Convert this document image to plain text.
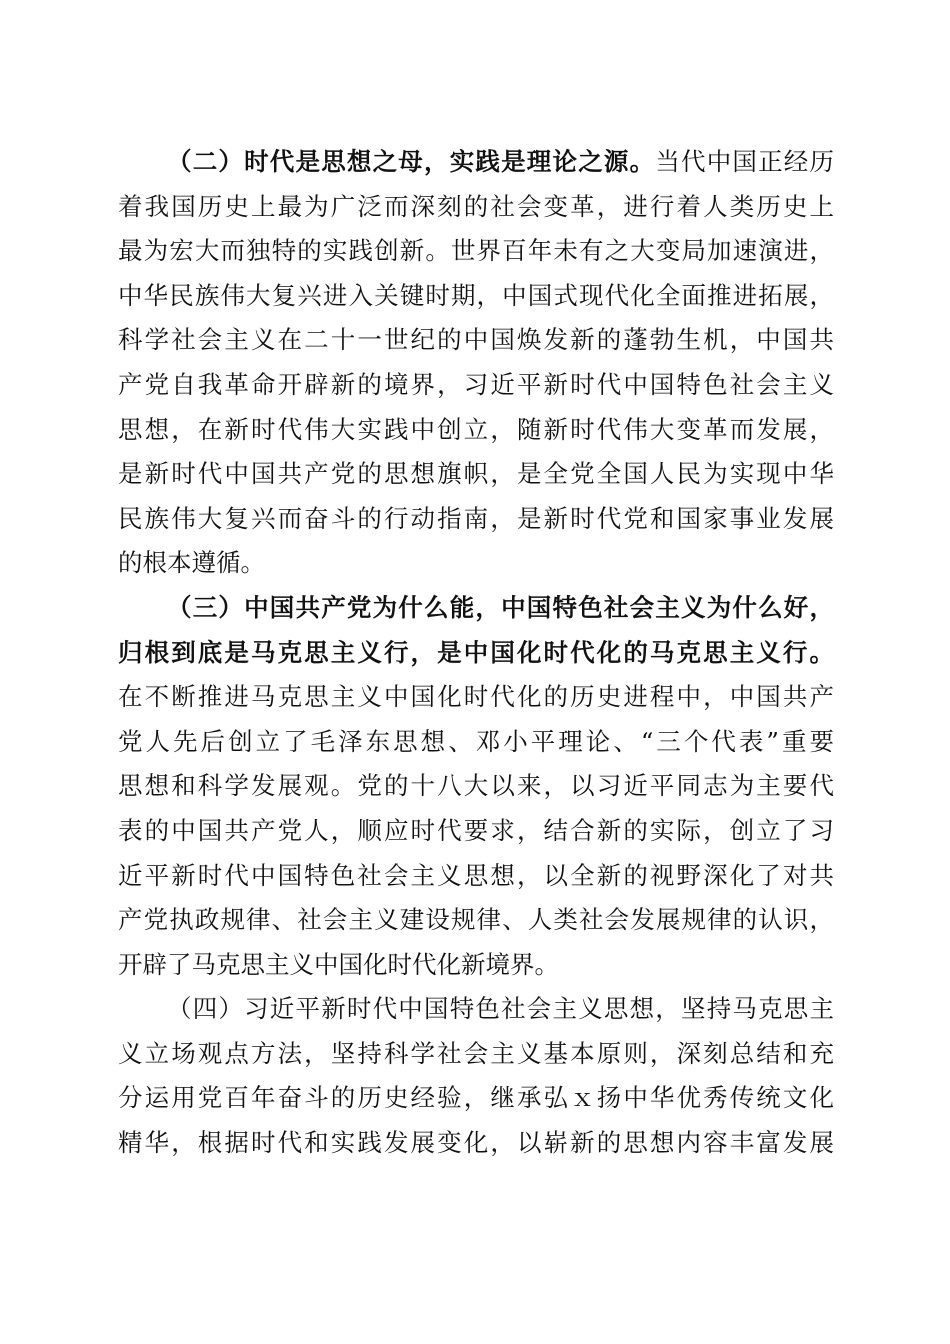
（二）时代是思想之母，实践是理论之源。当代中国正经历
着我国历史上最为广泛而深刻的社会变革，进行着人类历史上
最为宏大而独特的实践创新。世界百年未有之大变局加速演进，
中华民族伟大复兴进入关键时期，中国式现代化全面推进拓展，
科学社会主义在二十一世纪的中国焕发新的蓬勃生机，中国共
产党自我革命开辟新的境界，习近平新时代中国特色社会主义
思想，在新时代伟大实践中创立，随新时代伟大变革而发展，
是新时代中国共产党的思想旗帜，是全党全国人民为实现中华
民族伟大复兴而奋斗的行动指南，是新时代党和国家事业发展
的根本遵循。

（三）中国共产党为什么能，中国特色社会主义为什么好，
归根到底是马克思主义行，是中国化时代化的马克思主义行。
在不断推进马克思主义中国化时代化的历史进程中，中国共产
党人先后创立了毛泽东思想、邓小平理论、“三个代表”重要
思想和科学发展观。党的十八大以来，以习近平同志为主要代
表的中国共产党人，顺应时代要求，结合新的实际，创立了习
近平新时代中国特色社会主义思想，以全新的视野深化了对共
产党执政规律、社会主义建设规律、人类社会发展规律的认识，
开辟了马克思主义中国化时代化新境界。

（四）习近平新时代中国特色社会主义思想，坚持马克思主
义立场观点方法，坚持科学社会主义基本原则，深刻总结和充
分运用党百年奋斗的历史经验，继承弘ｘ扬中华优秀传统文化
精华，根据时代和实践发展变化，以崭新的思想内容丰富发展
